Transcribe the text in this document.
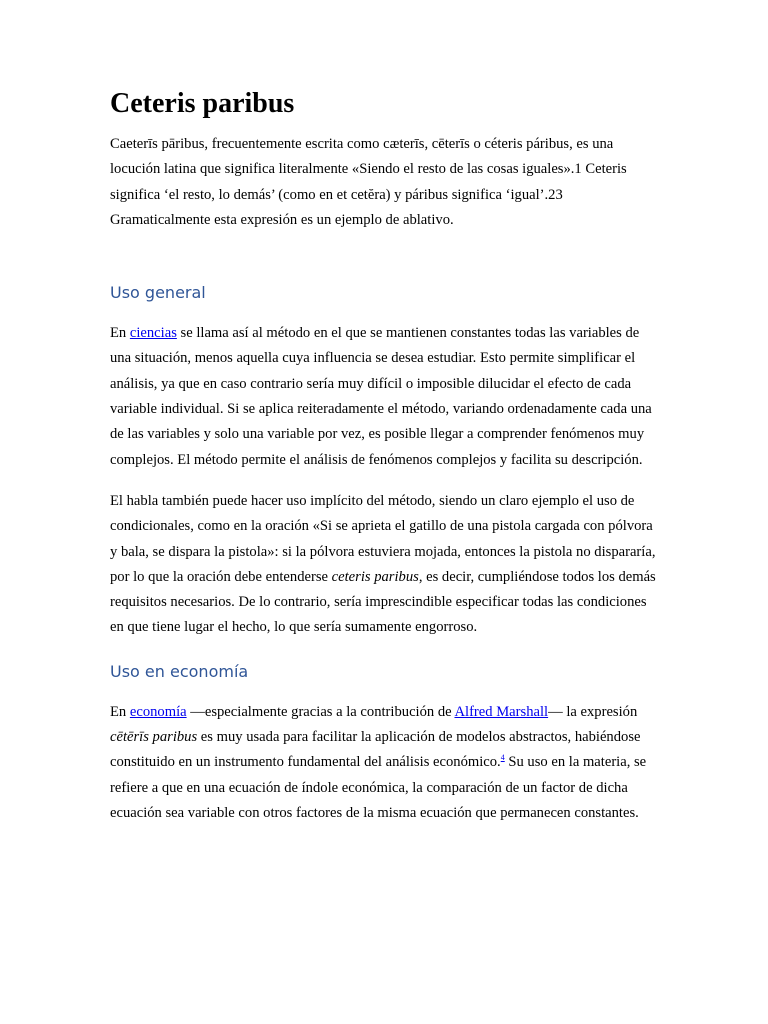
Ceteris paribus

Caeterīs pāribus, frecuentemente escrita como cæterīs, cēterīs o céteris páribus, es una locución latina que significa literalmente «Siendo el resto de las cosas iguales».1 Ceteris significa ‘el resto, lo demás’ (como en et cetĕra) y páribus significa ‘igual’.23 Gramaticalmente esta expresión es un ejemplo de ablativo.

Uso general

En ciencias se llama así al método en el que se mantienen constantes todas las variables de una situación, menos aquella cuya influencia se desea estudiar. Esto permite simplificar el análisis, ya que en caso contrario sería muy difícil o imposible dilucidar el efecto de cada variable individual. Si se aplica reiteradamente el método, variando ordenadamente cada una de las variables y solo una variable por vez, es posible llegar a comprender fenómenos muy complejos. El método permite el análisis de fenómenos complejos y facilita su descripción.

El habla también puede hacer uso implícito del método, siendo un claro ejemplo el uso de condicionales, como en la oración «Si se aprieta el gatillo de una pistola cargada con pólvora y bala, se dispara la pistola»: si la pólvora estuviera mojada, entonces la pistola no dispararía, por lo que la oración debe entenderse ceteris paribus, es decir, cumpliéndose todos los demás requisitos necesarios. De lo contrario, sería imprescindible especificar todas las condiciones en que tiene lugar el hecho, lo que sería sumamente engorroso.

Uso en economía

En economía —especialmente gracias a la contribución de Alfred Marshall— la expresión cētērīs paribus es muy usada para facilitar la aplicación de modelos abstractos, habiéndose constituido en un instrumento fundamental del análisis económico.$^4$ Su uso en la materia, se refiere a que en una ecuación de índole económica, la comparación de un factor de dicha ecuación sea variable con otros factores de la misma ecuación que permanecen constantes.
